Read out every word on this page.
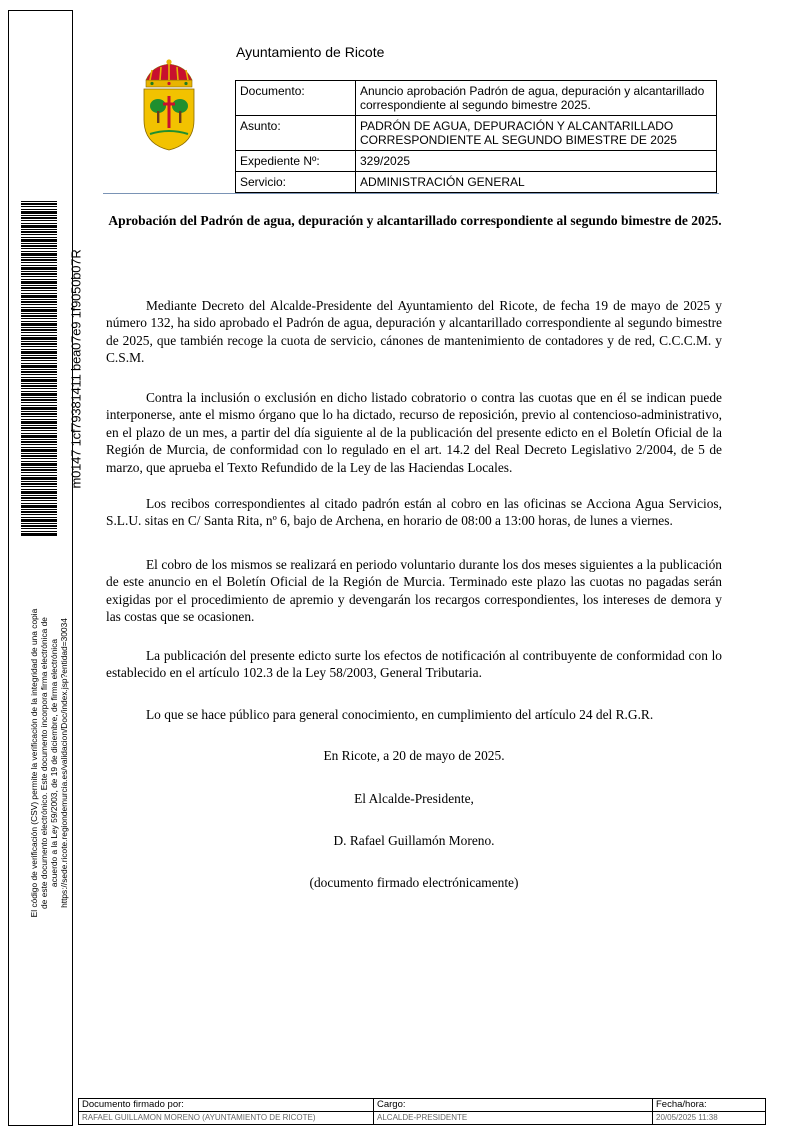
m0147 1cf79381411 bea07e9 1f9050b07R
El código de verificación (CSV) permite la verificación de la integridad de una copia de este documento electrónico. Este documento incorpora firma electrónica de acuerdo a la Ley 59/2003, de 19 de diciembre, de firma electrónica https://sede.ricote.regiondemurcia.es/validacion/Doc/index.jsp?entidad=30034
Ayuntamiento de Ricote
Documento:	Anuncio aprobación Padrón de agua, depuración y alcantarillado correspondiente al segundo bimestre 2025.
Asunto:	PADRÓN DE AGUA, DEPURACIÓN Y ALCANTARILLADO CORRESPONDIENTE AL SEGUNDO BIMESTRE DE 2025
Expediente Nº:	329/2025
Servicio:	ADMINISTRACIÓN GENERAL
Aprobación del Padrón de agua, depuración y alcantarillado correspondiente al segundo bimestre de 2025.

Mediante Decreto del Alcalde-Presidente del Ayuntamiento del Ricote, de fecha 19 de mayo de 2025 y número 132, ha sido aprobado el Padrón de agua, depuración y alcantarillado correspondiente al segundo bimestre de 2025, que también recoge la cuota de servicio, cánones de mantenimiento de contadores y de red, C.C.C.M. y C.S.M.

Contra la inclusión o exclusión en dicho listado cobratorio o contra las cuotas que en él se indican puede interponerse, ante el mismo órgano que lo ha dictado, recurso de reposición, previo al contencioso-administrativo, en el plazo de un mes, a partir del día siguiente al de la publicación del presente edicto en el Boletín Oficial de la Región de Murcia, de conformidad con lo regulado en el art. 14.2 del Real Decreto Legislativo 2/2004, de 5 de marzo, que aprueba el Texto Refundido de la Ley de las Haciendas Locales.

Los recibos correspondientes al citado padrón están al cobro en las oficinas se Acciona Agua Servicios, S.L.U. sitas en C/ Santa Rita, nº 6, bajo de Archena, en horario de 08:00 a 13:00 horas, de lunes a viernes.

El cobro de los mismos se realizará en periodo voluntario durante los dos meses siguientes a la publicación de este anuncio en el Boletín Oficial de la Región de Murcia. Terminado este plazo las cuotas no pagadas serán exigidas por el procedimiento de apremio y devengarán los recargos correspondientes, los intereses de demora y las costas que se ocasionen.

La publicación del presente edicto surte los efectos de notificación al contribuyente de conformidad con lo establecido en el artículo 102.3 de la Ley 58/2003, General Tributaria.

Lo que se hace público para general conocimiento, en cumplimiento del artículo 24 del R.G.R.

En Ricote, a 20 de mayo de 2025.
El Alcalde-Presidente,
D. Rafael Guillamón Moreno.
(documento firmado electrónicamente)
Documento firmado por:	Cargo:	Fecha/hora:
RAFAEL GUILLAMON MORENO (AYUNTAMIENTO DE RICOTE)	ALCALDE-PRESIDENTE	20/05/2025 11:38
